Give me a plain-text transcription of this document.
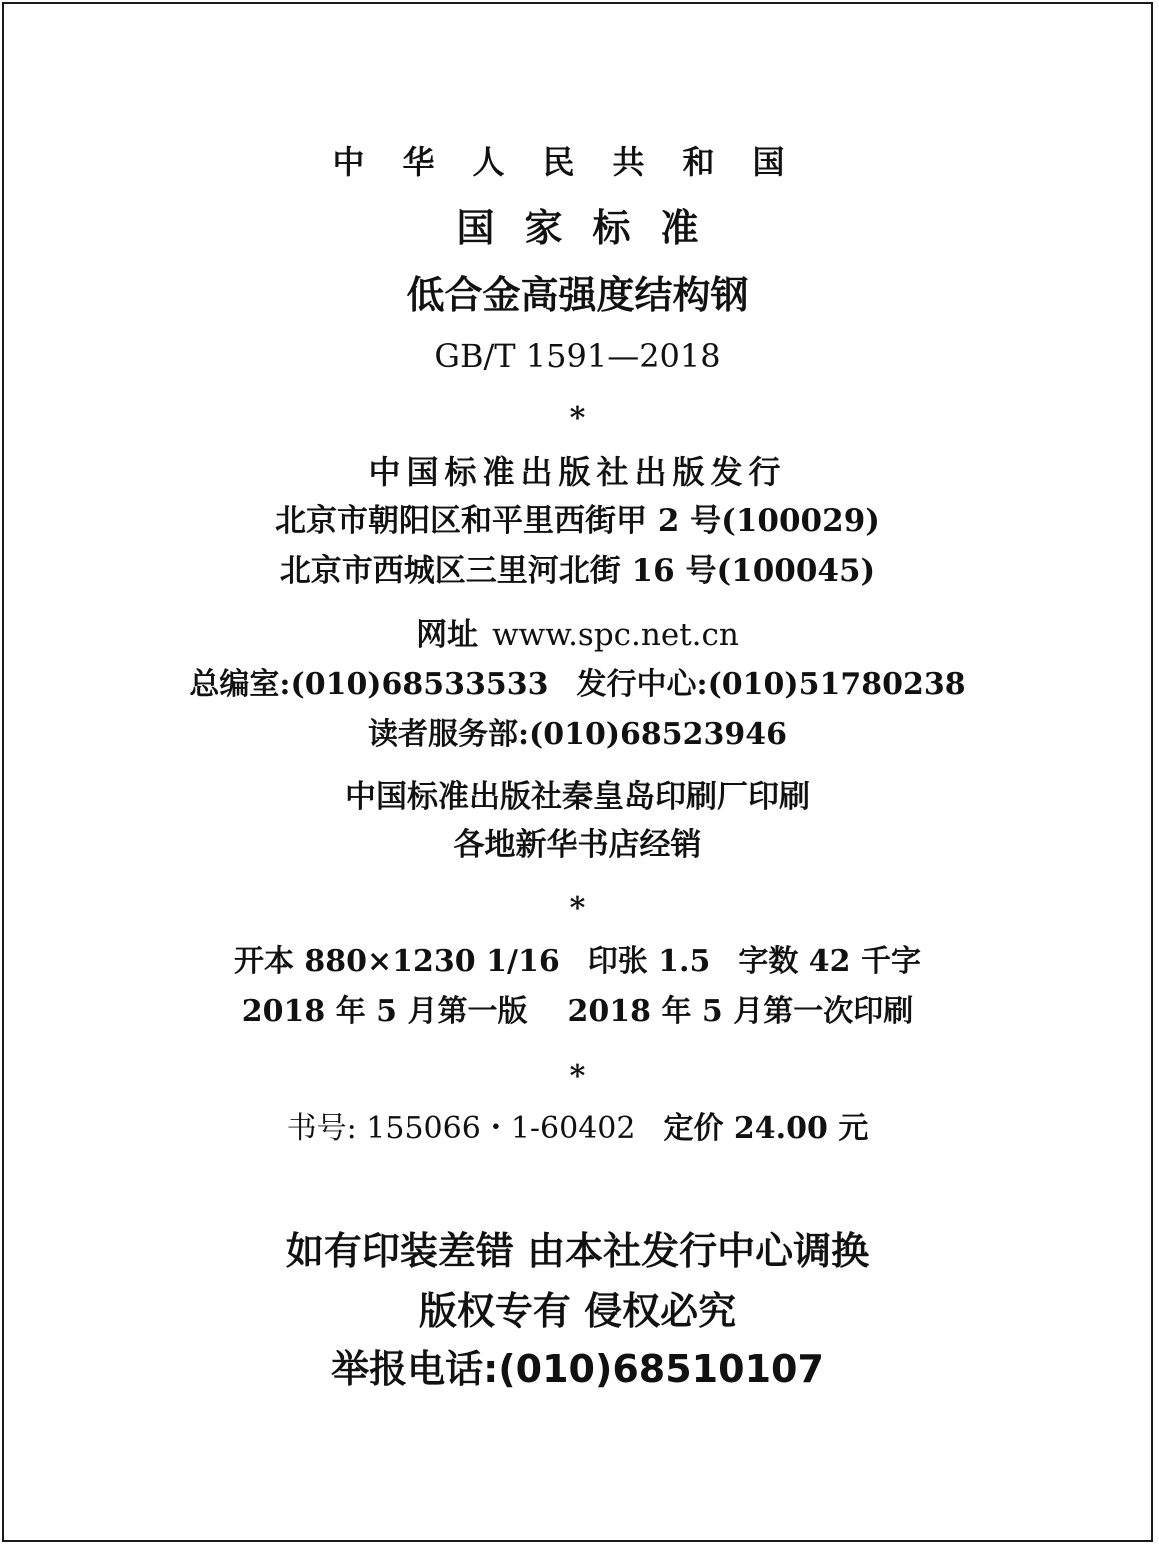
中华人民共和国
国家标准
低合金高强度结构钢
GB/T 1591—2018
*
中国标准出版社出版发行
北京市朝阳区和平里西街甲 2 号(100029)
北京市西城区三里河北街 16 号(100045)
网址 www.spc.net.cn
总编室:(010)68533533 发行中心:(010)51780238
读者服务部:(010)68523946
中国标准出版社秦皇岛印刷厂印刷
各地新华书店经销
*
开本 880×1230 1/16 印张 1.5 字数 42 千字
2018 年 5 月第一版 2018 年 5 月第一次印刷
*
书号: 155066・1-60402 定价 24.00 元
如有印装差错 由本社发行中心调换
版权专有 侵权必究
举报电话:(010)68510107
